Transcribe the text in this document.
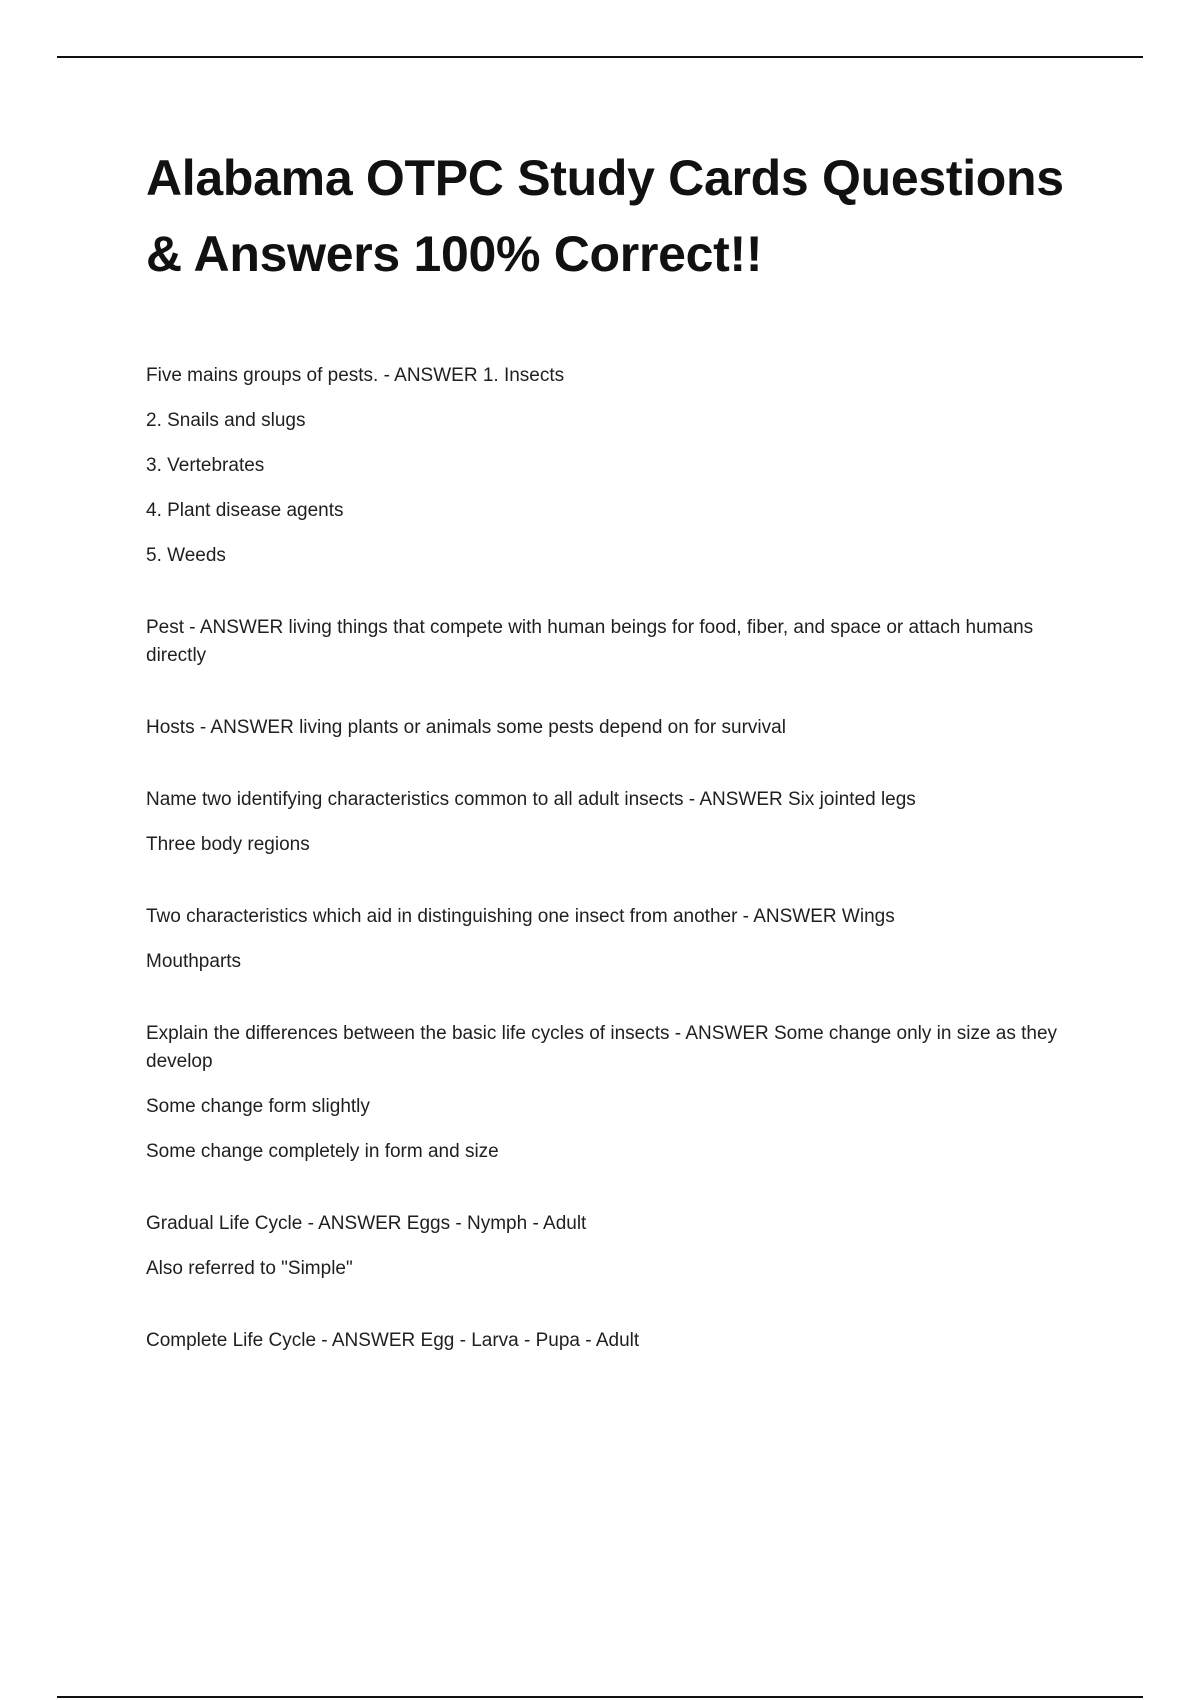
Alabama OTPC Study Cards Questions
& Answers 100% Correct!!

Five mains groups of pests. - ANSWER 1. Insects

2. Snails and slugs

3. Vertebrates

4. Plant disease agents

5. Weeds

Pest - ANSWER living things that compete with human beings for food, fiber, and space or attach humans directly

Hosts - ANSWER living plants or animals some pests depend on for survival

Name two identifying characteristics common to all adult insects - ANSWER Six jointed legs

Three body regions

Two characteristics which aid in distinguishing one insect from another - ANSWER Wings

Mouthparts

Explain the differences between the basic life cycles of insects - ANSWER Some change only in size as they develop

Some change form slightly

Some change completely in form and size

Gradual Life Cycle - ANSWER Eggs - Nymph - Adult

Also referred to "Simple"

Complete Life Cycle - ANSWER Egg - Larva - Pupa - Adult
